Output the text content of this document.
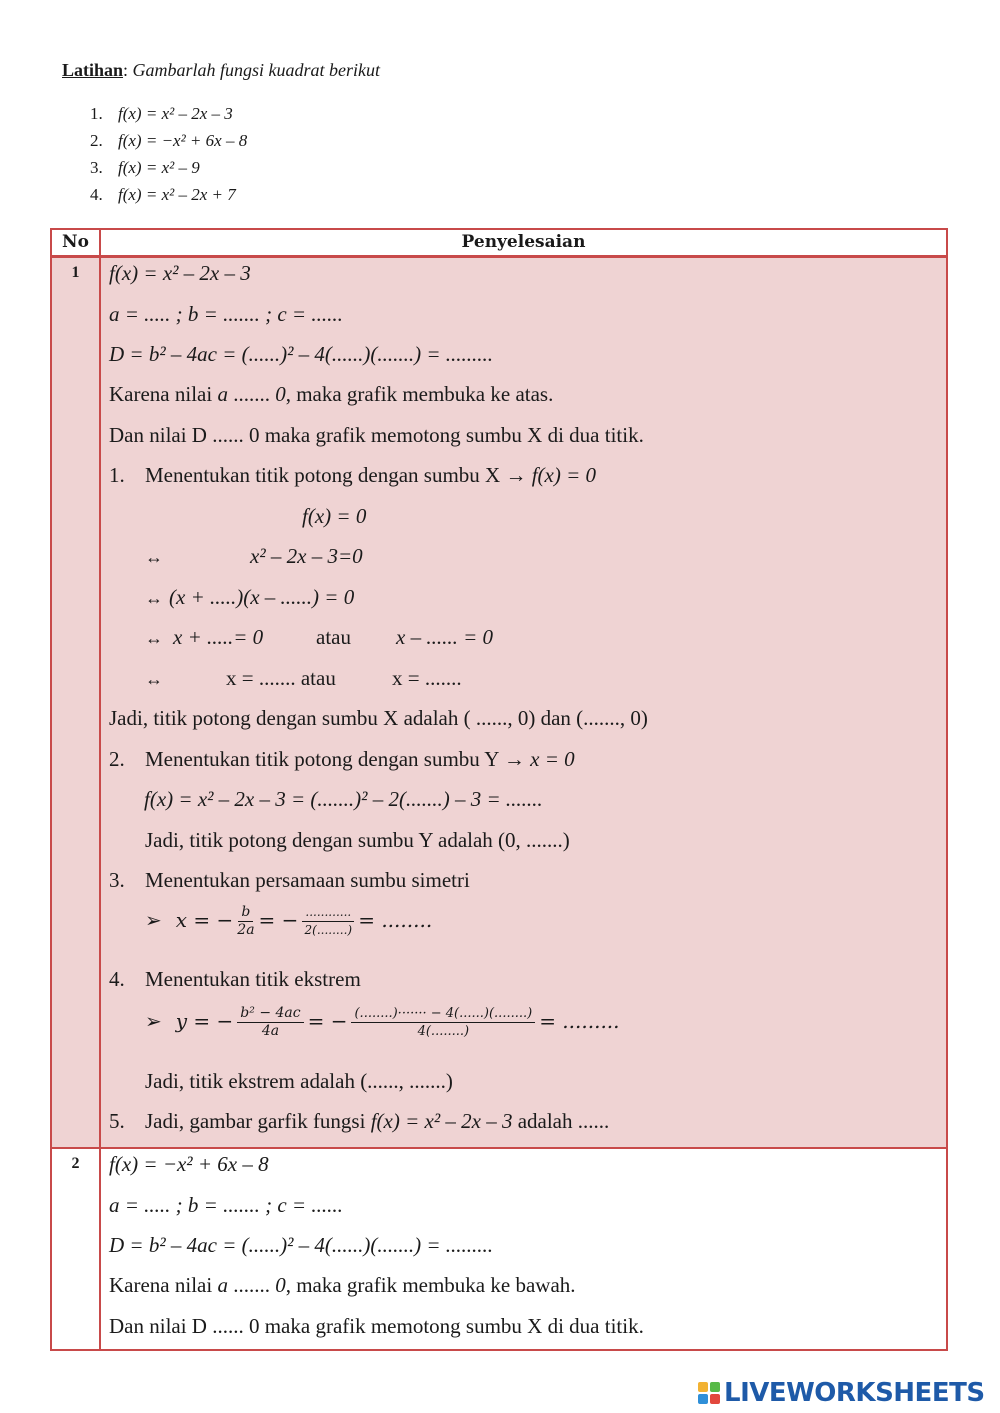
Latihan: Gambarlah fungsi kuadrat berikut
1. f(x) = x² – 2x – 3
2. f(x) = −x² + 6x – 8
3. f(x) = x² – 9
4. f(x) = x² – 2x + 7
No	Penyelesaian
1	f(x) = x² – 2x – 3
a = ..... ; b = ....... ; c = ......
D = b² – 4ac = (......)² – 4(......)(.......) = .........
Karena nilai a ....... 0, maka grafik membuka ke atas.
Dan nilai D ...... 0 maka grafik memotong sumbu X di dua titik.
1. Menentukan titik potong dengan sumbu X → f(x) = 0
f(x) = 0
↔	x² – 2x – 3=0
↔ (x + .....)(x – ......) = 0
↔ x + .....= 0	atau x – ...... = 0
↔	x = ....... atau	x = .......
Jadi, titik potong dengan sumbu X adalah ( ......, 0) dan (......., 0)
2. Menentukan titik potong dengan sumbu Y → x = 0
f(x) = x² – 2x – 3 = (.......)² – 2(.......) – 3 = .......
Jadi, titik potong dengan sumbu Y adalah (0, .......)
3. Menentukan persamaan sumbu simetri
➢ x = − $\frac{b}{2a}$ = − ............
2(........) = ........
4. Menentukan titik ekstrem
➢ y = − $\frac{\text{b² − 4ac}}{4a}$ = − $\frac{(........)\cdot\cdot\cdot\cdot\cdot\cdot\cdot - 4(......)(........)}{4(........)}$ = .........
Jadi, titik ekstrem adalah (......, .......)
5. Jadi, gambar garfik fungsi f(x) = x² – 2x – 3 adalah ......
2	f(x) = −x² + 6x – 8
a = ..... ; b = ....... ; c = ......
D = b² – 4ac = (......)² – 4(......)(.......) = .........
Karena nilai a ....... 0, maka grafik membuka ke bawah.
Dan nilai D ...... 0 maka grafik memotong sumbu X di dua titik.
LIVEWORKSHEETS
